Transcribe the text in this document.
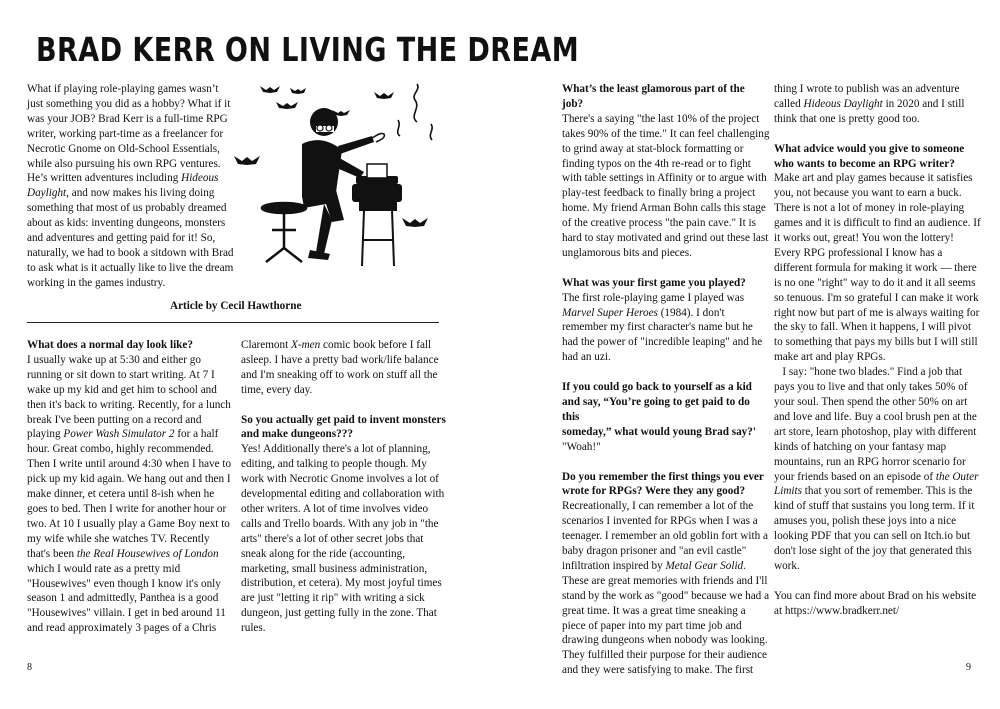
BRAD KERR ON LIVING THE DREAM

What if playing role-playing games wasn’t

just something you did as a hobby? What if it

was your JOB? Brad Kerr is a full-time RPG

writer, working part-time as a freelancer for

Necrotic Gnome on Old-School Essentials,

while also pursuing his own RPG ventures.

He’s written adventures including Hideous

Daylight, and now makes his living doing

something that most of us probably dreamed

about as kids: inventing dungeons, monsters

and adventures and getting paid for it! So,

naturally, we had to book a sitdown with Brad

to ask what is it actually like to live the dream

working in the games industry.

Article by Cecil Hawthorne
What does a normal day look like?

I usually wake up at 5:30 and either go

running or sit down to start writing. At 7 I

wake up my kid and get him to school and

then it's back to writing. Recently, for a lunch

break I've been putting on a record and

playing Power Wash Simulator 2 for a half

hour. Great combo, highly recommended.

Then I write until around 4:30 when I have to

pick up my kid again. We hang out and then I

make dinner, et cetera until 8-ish when he

goes to bed. Then I write for another hour or

two. At 10 I usually play a Game Boy next to

my wife while she watches TV. Recently

that's been the Real Housewives of London

which I would rate as a pretty mid

"Housewives" even though I know it's only

season 1 and admittedly, Panthea is a good

"Housewives" villain. I get in bed around 11

and read approximately 3 pages of a Chris

Claremont X-men comic book before I fall

asleep. I have a pretty bad work/life balance

and I'm sneaking off to work on stuff all the

time, every day.

So you actually get paid to invent monsters
and make dungeons???

Yes! Additionally there's a lot of planning,

editing, and talking to people though. My

work with Necrotic Gnome involves a lot of

developmental editing and collaboration with

other writers. A lot of time involves video

calls and Trello boards. With any job in "the

arts" there's a lot of other secret jobs that

sneak along for the ride (accounting,

marketing, small business administration,

distribution, et cetera). My most joyful times

are just "letting it rip" with writing a sick

dungeon, just getting fully in the zone. That

rules.

What’s the least glamorous part of the job?

There's a saying "the last 10% of the project

takes 90% of the time." It can feel challenging

to grind away at stat-block formatting or

finding typos on the 4th re-read or to fight

with table settings in Affinity or to argue with

play-test feedback to finally bring a project

home. My friend Arman Bohn calls this stage

of the creative process "the pain cave." It is

hard to stay motivated and grind out these last

unglamorous bits and pieces.

What was your first game you played?

The first role-playing game I played was

Marvel Super Heroes (1984). I don't

remember my first character's name but he

had the power of "incredible leaping" and he

had an uzi.

If you could go back to yourself as a kid
and say, “You’re going to get paid to do this
someday,” what would young Brad say?'

"Woah!"

Do you remember the first things you ever
wrote for RPGs? Were they any good?

Recreationally, I can remember a lot of the

scenarios I invented for RPGs when I was a

teenager. I remember an old goblin fort with a

baby dragon prisoner and "an evil castle"

infiltration inspired by Metal Gear Solid.

These are great memories with friends and I'll

stand by the work as "good" because we had a

great time. It was a great time sneaking a

piece of paper into my part time job and

drawing dungeons when nobody was looking.

They fulfilled their purpose for their audience

and they were satisfying to make. The first

thing I wrote to publish was an adventure

called Hideous Daylight in 2020 and I still

think that one is pretty good too.

What advice would you give to someone
who wants to become an RPG writer?

Make art and play games because it satisfies

you, not because you want to earn a buck.

There is not a lot of money in role-playing

games and it is difficult to find an audience. If

it works out, great! You won the lottery!

Every RPG professional I know has a

different formula for making it work — there

is no one "right" way to do it and it all seems

so tenuous. I'm so grateful I can make it work

right now but part of me is always waiting for

the sky to fall. When it happens, I will pivot

to something that pays my bills but I will still

make art and play RPGs.

I say: "hone two blades." Find a job that

pays you to live and that only takes 50% of

your soul. Then spend the other 50% on art

and love and life. Buy a cool brush pen at the

art store, learn photoshop, play with different

kinds of hatching on your fantasy map

mountains, run an RPG horror scenario for

your friends based on an episode of the Outer

Limits that you sort of remember. This is the

kind of stuff that sustains you long term. If it

amuses you, polish these joys into a nice

looking PDF that you can sell on Itch.io but

don't lose sight of the joy that generated this

work.

You can find more about Brad on his website

at https://www.bradkerr.net/

8	9
